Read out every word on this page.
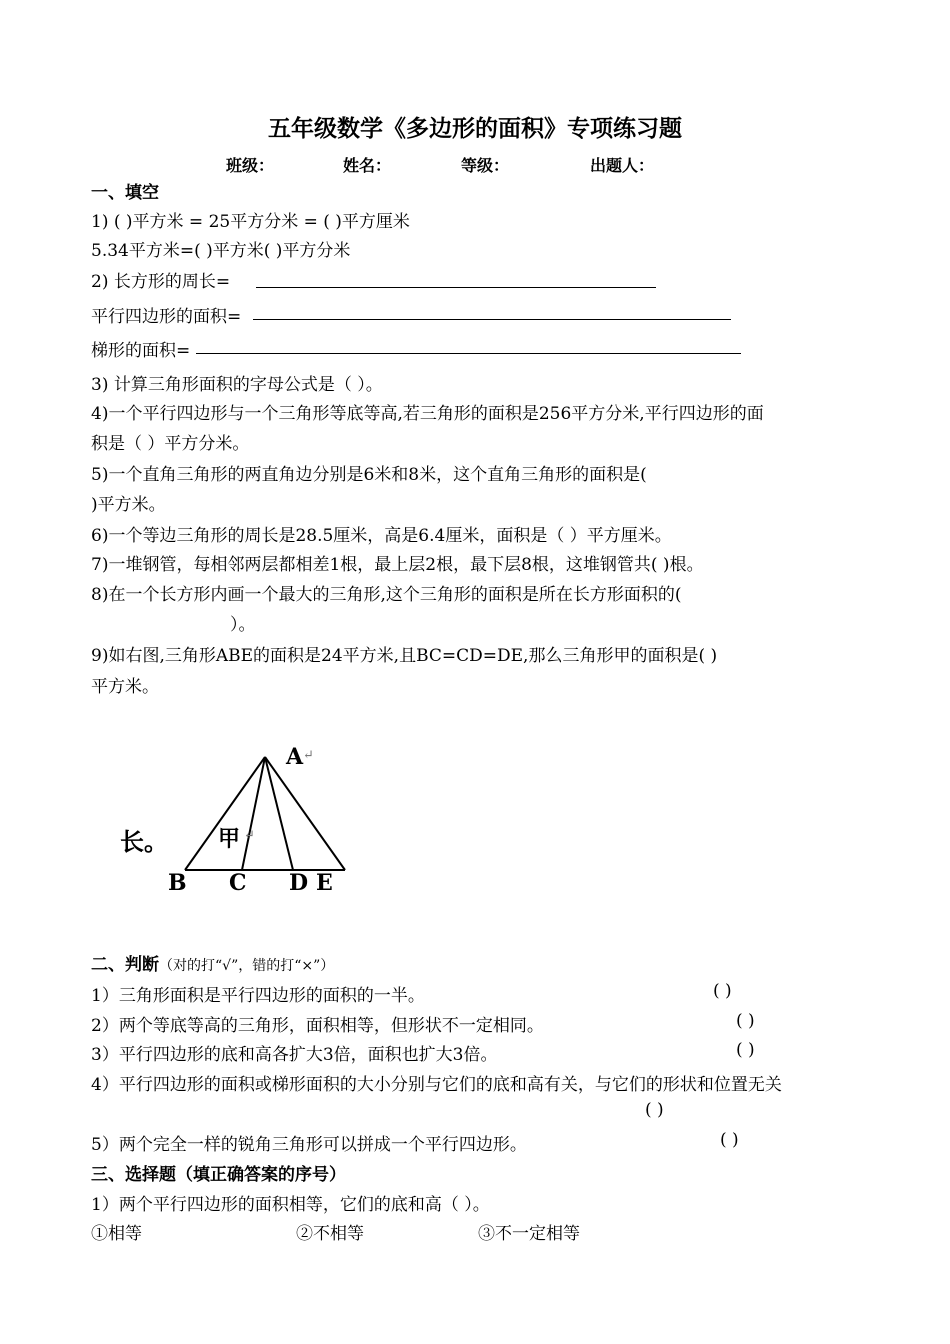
五年级数学《多边形的面积》专项练习题
班级：	姓名：	等级：	出题人：
一、填空
1) ( )平方米 = 25平方分米 = ( )平方厘米
5.34平方米=( )平方米( )平方分米
2) 长方形的周长=
平行四边形的面积=
梯形的面积=
3) 计算三角形面积的字母公式是（ ）。
4)一个平行四边形与一个三角形等底等高,若三角形的面积是256平方分米,平行四边形的面
积是（ ）平方分米。
5)一个直角三角形的两直角边分别是6米和8米，这个直角三角形的面积是(
)平方米。
6)一个等边三角形的周长是28.5厘米，高是6.4厘米，面积是（ ）平方厘米。
7)一堆钢管，每相邻两层都相差1根，最上层2根，最下层8根，这堆钢管共( )根。
8)在一个长方形内画一个最大的三角形,这个三角形的面积是所在长方形面积的(
）。
9)如右图,三角形ABE的面积是24平方米,且BC=CD=DE,那么三角形甲的面积是( )
平方米。
A ↵
甲 ↵
长。
B C D E
二、判断（对的打“√”，错的打“×”）
1）三角形面积是平行四边形的面积的一半。	( )
2）两个等底等高的三角形，面积相等，但形状不一定相同。	( )
3）平行四边形的底和高各扩大3倍，面积也扩大3倍。	( )
4）平行四边形的面积或梯形面积的大小分别与它们的底和高有关，与它们的形状和位置无关
( )
5）两个完全一样的锐角三角形可以拼成一个平行四边形。	( )
三、选择题（填正确答案的序号）
1）两个平行四边形的面积相等，它们的底和高（ ）。
①相等	②不相等	③不一定相等
